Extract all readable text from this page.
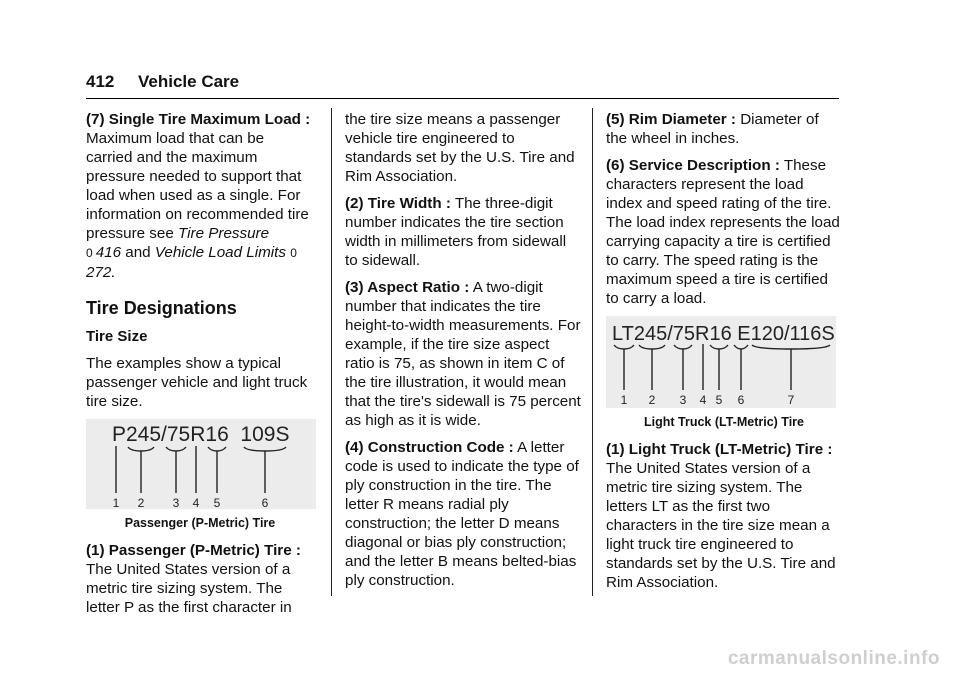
412 Vehicle Care

(7) Single Tire Maximum Load : Maximum load that can be carried and the maximum pressure needed to support that load when used as a single. For information on recommended tire pressure see Tire Pressure
0 416 and Vehicle Load Limits 0272.

Tire Designations
Tire Size

The examples show a typical passenger vehicle and light truck tire size.

P245/75R16  109S
1 2 3 4 5	6
Passenger (P-Metric) Tire

(1) Passenger (P-Metric) Tire : The United States version of a metric tire sizing system. The letter P as the first character in

the tire size means a passenger vehicle tire engineered to standards set by the U.S. Tire and Rim Association.

(2) Tire Width : The three-digit number indicates the tire section width in millimeters from sidewall to sidewall.

(3) Aspect Ratio : A two-digit number that indicates the tire height-to-width measurements. For example, if the tire size aspect ratio is 75, as shown in item C of the tire illustration, it would mean that the tire's sidewall is 75 percent as high as it is wide.

(4) Construction Code : A letter code is used to indicate the type of ply construction in the tire. The letter R means radial ply construction; the letter D means diagonal or bias ply construction; and the letter B means belted-bias ply construction.

(5) Rim Diameter : Diameter of the wheel in inches.

(6) Service Description : These characters represent the load index and speed rating of the tire. The load index represents the load carrying capacity a tire is certified to carry. The speed rating is the maximum speed a tire is certified to carry a load.

LT245/75R16 E120/116S
1 2 3 4 5 6	7
Light Truck (LT-Metric) Tire

(1) Light Truck (LT-Metric) Tire : The United States version of a metric tire sizing system. The letters LT as the first two characters in the tire size mean a light truck tire engineered to standards set by the U.S. Tire and Rim Association.

carmanualsonline.info
